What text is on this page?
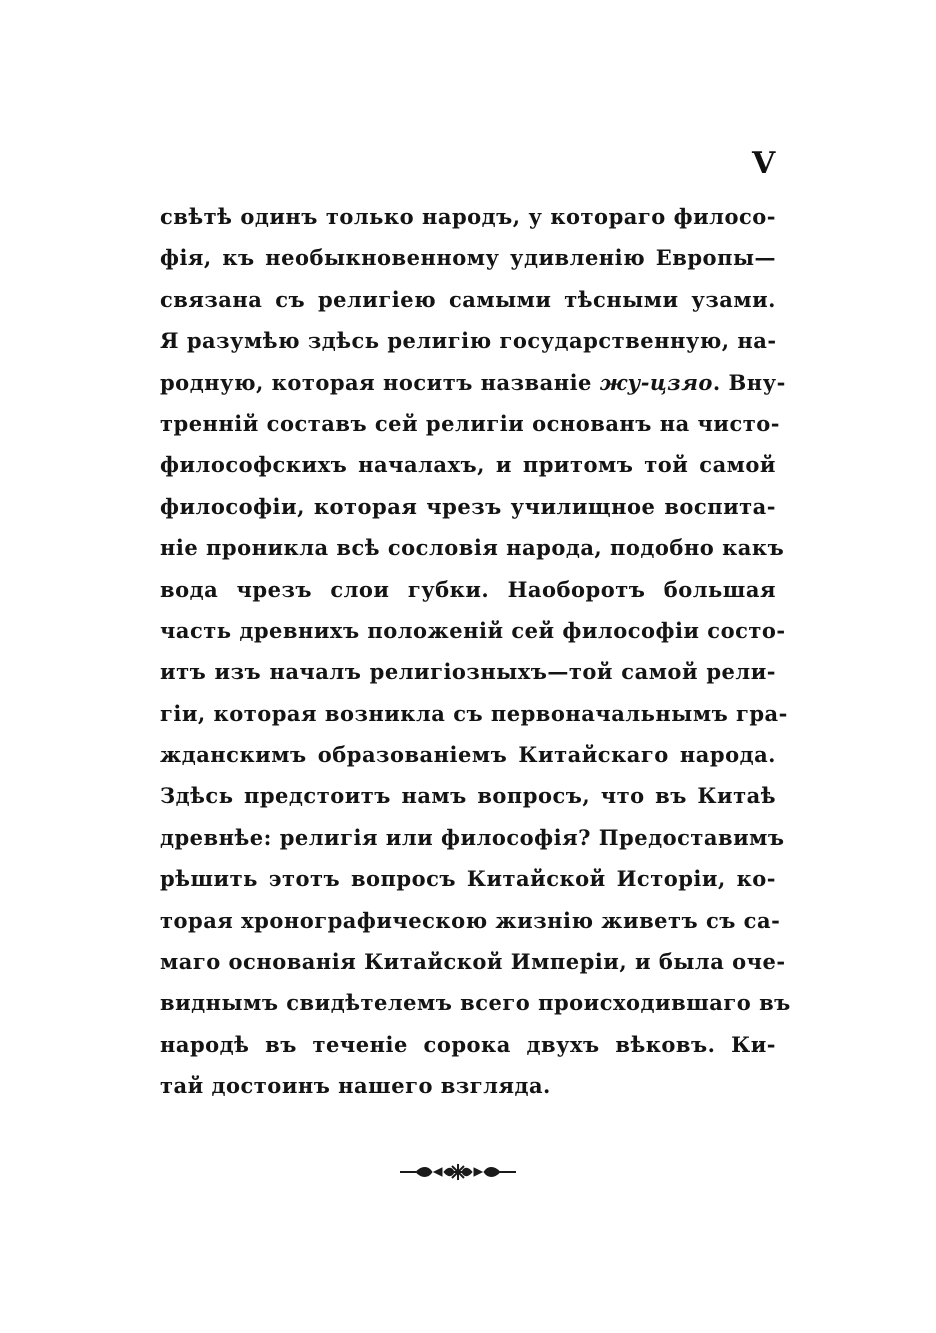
V
свѣтѣ одинъ только народъ, у котораго филосо-
фія, къ необыкновенному удивленію Европы—
связана съ религіею самыми тѣсными узами.
Я разумѣю здѣсь религію государственную, на-
родную, которая носитъ названіе жу-цзяо. Вну-
тренній составъ сей религіи основанъ на чисто-
философскихъ началахъ, и притомъ той самой
философіи, которая чрезъ училищное воспита-
ніе проникла всѣ сословія народа, подобно какъ
вода чрезъ слои губки. Наоборотъ большая
часть древнихъ положеній сей философіи состо-
итъ изъ началъ религіозныхъ—той самой рели-
гіи, которая возникла съ первоначальнымъ гра-
жданскимъ образованіемъ Китайскаго народа.
Здѣсь предстоитъ намъ вопросъ, что въ Китаѣ
древнѣе: религія или философія? Предоставимъ
рѣшить этотъ вопросъ Китайской Исторіи, ко-
торая хронографическою жизнію живетъ съ са-
маго основанія Китайской Имперіи, и была оче-
виднымъ свидѣтелемъ всего происходившаго въ
народѣ въ теченіе сорока двухъ вѣковъ. Ки-
тай достоинъ нашего взгляда.
